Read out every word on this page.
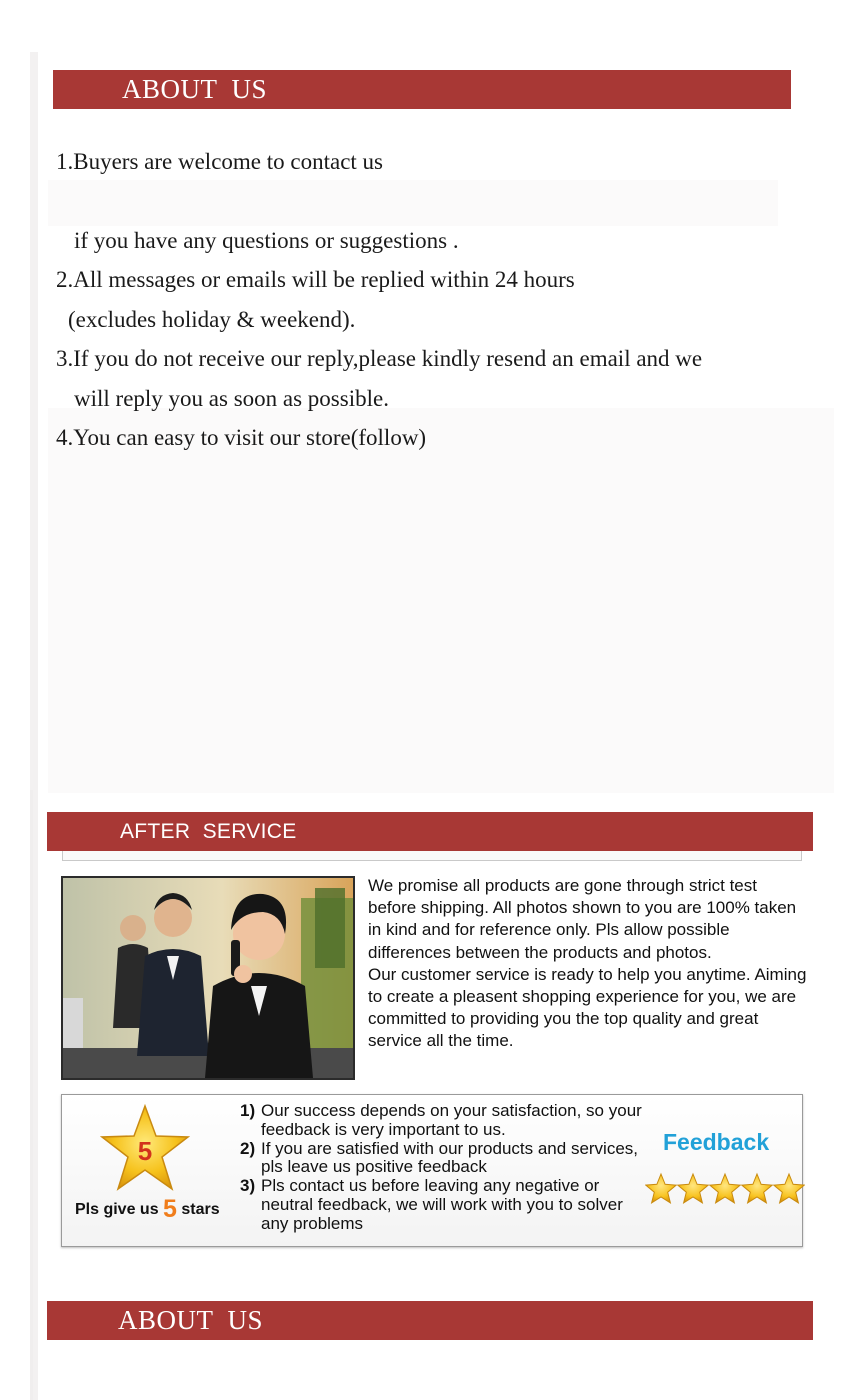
ABOUT  US
1.Buyers are welcome to contact us
if you have any questions or suggestions .
2.All messages or emails will be replied within 24 hours
(excludes holiday & weekend).
3.If you do not receive our reply,please kindly resend an email and we
will reply you as soon as possible.
4.You can easy to visit our store(follow)
AFTER  SERVICE

We promise all products are gone through strict test before shipping. All photos shown to you are 100% taken in kind and for reference only. Pls allow possible differences between the products and photos.

Our customer service is ready to help you anytime. Aiming to create a pleasent shopping experience for you, we are committed to providing you the top quality and great service all the time.

5
Pls give us 5 stars
1) Our success depends on your satisfaction, so your feedback is very important to us.
2) If you are satisfied with our products and services, pls leave us positive feedback
3) Pls contact us before leaving any negative or neutral feedback, we will work with you to solver any problems
Feedback
ABOUT  US
